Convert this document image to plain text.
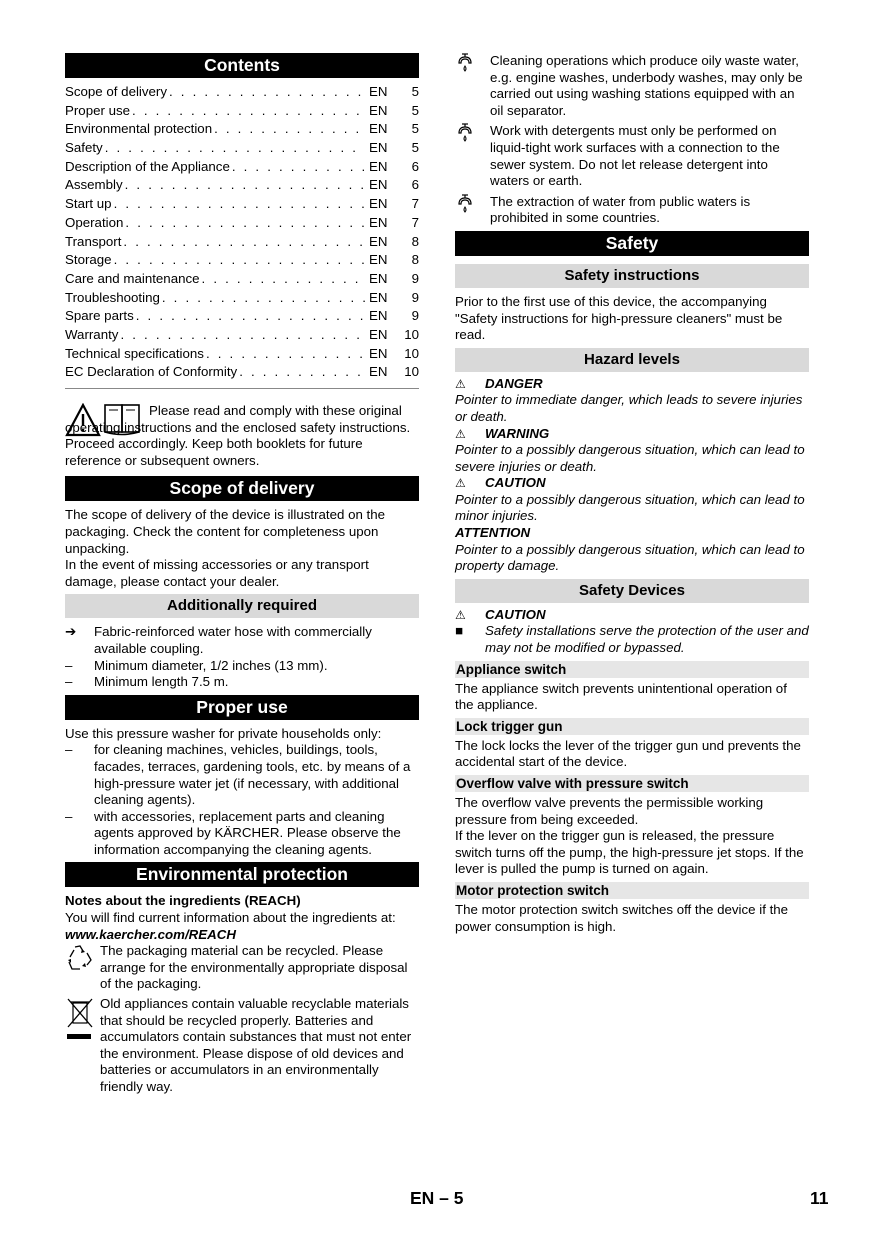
Contents
Scope of delivery . . .	EN	5
Proper use . . .	EN	5
Environmental protection . . .	EN	5
Safety . . .	EN	5
Description of the Appliance . . .	EN	6
Assembly . . .	EN	6
Start up . . .	EN	7
Operation . . .	EN	7
Transport . . .	EN	8
Storage . . .	EN	8
Care and maintenance . . .	EN	9
Troubleshooting . . .	EN	9
Spare parts . . .	EN	9
Warranty . . .	EN	10
Technical specifications . . .	EN	10
EC Declaration of Conformity . . .	EN	10

Please read and comply with these original operating instructions and the enclosed safety instructions. Proceed accordingly. Keep both booklets for future reference or subsequent owners.

Scope of delivery

The scope of delivery of the device is illustrated on the packaging. Check the content for completeness upon unpacking.

In the event of missing accessories or any transport damage, please contact your dealer.

Additionally required
➔	Fabric-reinforced water hose with commercially available coupling.
–	Minimum diameter, 1/2 inches (13 mm).
–	Minimum length 7.5 m.
Proper use

Use this pressure washer for private households only:

–	for cleaning machines, vehicles, buildings, tools, facades, terraces, gardening tools, etc. by means of a high-pressure water jet (if necessary, with additional cleaning agents).
–	with accessories, replacement parts and cleaning agents approved by KÄRCHER. Please observe the information accompanying the cleaning agents.
Environmental protection

Notes about the ingredients (REACH)

You will find current information about the ingredients at:

www.kaercher.com/REACH

The packaging material can be recycled. Please arrange for the environmentally appropriate disposal of the packaging.
Old appliances contain valuable recyclable materials that should be recycled properly. Batteries and accumulators contain substances that must not enter the environment. Please dispose of old devices and batteries or accumulators in an environmentally friendly way.
Cleaning operations which produce oily waste water, e.g. engine washes, underbody washes, may only be carried out using washing stations equipped with an oil separator.
Work with detergents must only be performed on liquid-tight work surfaces with a connection to the sewer system. Do not let release detergent into waters or earth.
The extraction of water from public waters is prohibited in some countries.
Safety
Safety instructions

Prior to the first use of this device, the accompanying "Safety instructions for high-pressure cleaners" must be read.

Hazard levels
⚠	DANGER

Pointer to immediate danger, which leads to severe injuries or death.

⚠	WARNING

Pointer to a possibly dangerous situation, which can lead to severe injuries or death.

⚠	CAUTION

Pointer to a possibly dangerous situation, which can lead to minor injuries.

ATTENTION

Pointer to a possibly dangerous situation, which can lead to property damage.

Safety Devices
⚠	CAUTION
■	Safety installations serve the protection of the user and may not be modified or bypassed.
Appliance switch

The appliance switch prevents unintentional operation of the appliance.

Lock trigger gun

The lock locks the lever of the trigger gun und prevents the accidental start of the device.

Overflow valve with pressure switch

The overflow valve prevents the permissible working pressure from being exceeded.

If the lever on the trigger gun is released, the pressure switch turns off the pump, the high-pressure jet stops. If the lever is pulled the pump is turned on again.

Motor protection switch

The motor protection switch switches off the device if the power consumption is high.

EN – 5	11
